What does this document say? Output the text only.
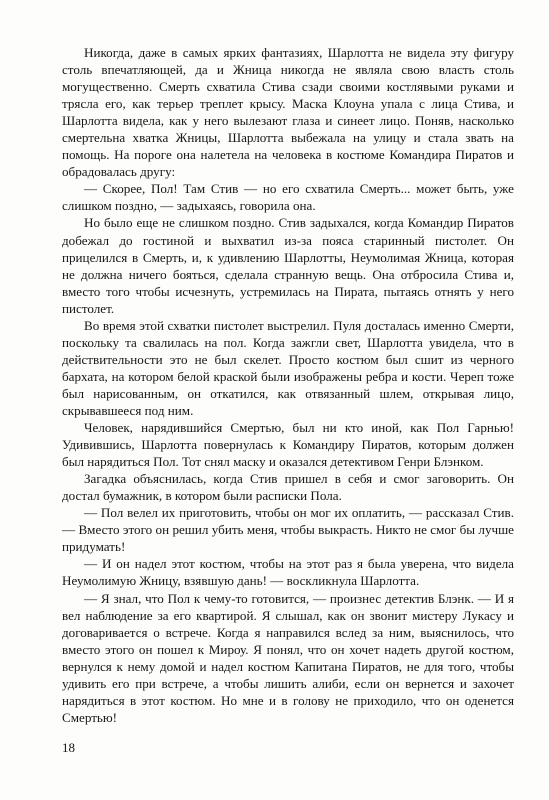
Никогда, даже в самых ярких фантазиях, Шарлотта не видела эту фигуру столь впечатляющей, да и Жница никогда не являла свою власть столь могущественно. Смерть схватила Стива сзади своими костлявыми руками и трясла его, как терьер треплет крысу. Маска Клоуна упала с лица Стива, и Шарлотта видела, как у него вылезают глаза и синеет лицо. Поняв, насколько смертельна хватка Жницы, Шарлотта выбежала на улицу и стала звать на помощь. На пороге она налетела на человека в костюме Командира Пиратов и обрадовалась другу:

— Скорее, Пол! Там Стив — но его схватила Смерть... может быть, уже слишком поздно, — задыхаясь, говорила она.

Но было еще не слишком поздно. Стив задыхался, когда Командир Пиратов добежал до гостиной и выхватил из-за пояса старинный пистолет. Он прицелился в Смерть, и, к удивлению Шарлотты, Неумолимая Жница, которая не должна ничего бояться, сделала странную вещь. Она отбросила Стива и, вместо того чтобы исчезнуть, устремилась на Пирата, пытаясь отнять у него пистолет.

Во время этой схватки пистолет выстрелил. Пуля досталась именно Смерти, поскольку та свалилась на пол. Когда зажгли свет, Шарлотта увидела, что в действительности это не был скелет. Просто костюм был сшит из черного бархата, на котором белой краской были изображены ребра и кости. Череп тоже был нарисованным, он откатился, как отвязанный шлем, открывая лицо, скрывавшееся под ним.

Человек, нарядившийся Смертью, был ни кто иной, как Пол Гарнью! Удивившись, Шарлотта повернулась к Командиру Пиратов, которым должен был нарядиться Пол. Тот снял маску и оказался детективом Генри Блэнком.

Загадка объяснилась, когда Стив пришел в себя и смог заговорить. Он достал бумажник, в котором были расписки Пола.

— Пол велел их приготовить, чтобы он мог их оплатить, — рассказал Стив. — Вместо этого он решил убить меня, чтобы выкрасть. Никто не смог бы лучше придумать!

— И он надел этот костюм, чтобы на этот раз я была уверена, что видела Неумолимую Жницу, взявшую дань! — воскликнула Шарлотта.

— Я знал, что Пол к чему-то готовится, — произнес детектив Блэнк. — И я вел наблюдение за его квартирой. Я слышал, как он звонит мистеру Лукасу и договаривается о встрече. Когда я направился вслед за ним, выяснилось, что вместо этого он пошел к Мироу. Я понял, что он хочет надеть другой костюм, вернулся к нему домой и надел костюм Капитана Пиратов, не для того, чтобы удивить его при встрече, а чтобы лишить алиби, если он вернется и захочет нарядиться в этот костюм. Но мне и в голову не приходило, что он оденется Смертью!

18
